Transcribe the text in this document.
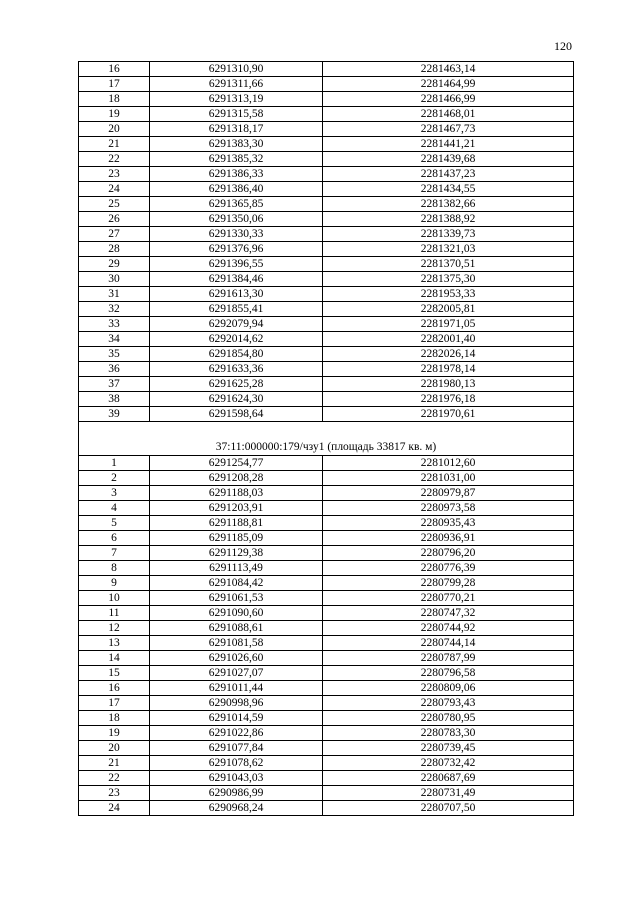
120
16	6291310,90	2281463,14
17	6291311,66	2281464,99
18	6291313,19	2281466,99
19	6291315,58	2281468,01
20	6291318,17	2281467,73
21	6291383,30	2281441,21
22	6291385,32	2281439,68
23	6291386,33	2281437,23
24	6291386,40	2281434,55
25	6291365,85	2281382,66
26	6291350,06	2281388,92
27	6291330,33	2281339,73
28	6291376,96	2281321,03
29	6291396,55	2281370,51
30	6291384,46	2281375,30
31	6291613,30	2281953,33
32	6291855,41	2282005,81
33	6292079,94	2281971,05
34	6292014,62	2282001,40
35	6291854,80	2282026,14
36	6291633,36	2281978,14
37	6291625,28	2281980,13
38	6291624,30	2281976,18
39	6291598,64	2281970,61
37:11:000000:179/чзу1 (площадь 33817 кв. м)		
1	6291254,77	2281012,60
2	6291208,28	2281031,00
3	6291188,03	2280979,87
4	6291203,91	2280973,58
5	6291188,81	2280935,43
6	6291185,09	2280936,91
7	6291129,38	2280796,20
8	6291113,49	2280776,39
9	6291084,42	2280799,28
10	6291061,53	2280770,21
11	6291090,60	2280747,32
12	6291088,61	2280744,92
13	6291081,58	2280744,14
14	6291026,60	2280787,99
15	6291027,07	2280796,58
16	6291011,44	2280809,06
17	6290998,96	2280793,43
18	6291014,59	2280780,95
19	6291022,86	2280783,30
20	6291077,84	2280739,45
21	6291078,62	2280732,42
22	6291043,03	2280687,69
23	6290986,99	2280731,49
24	6290968,24	2280707,50
